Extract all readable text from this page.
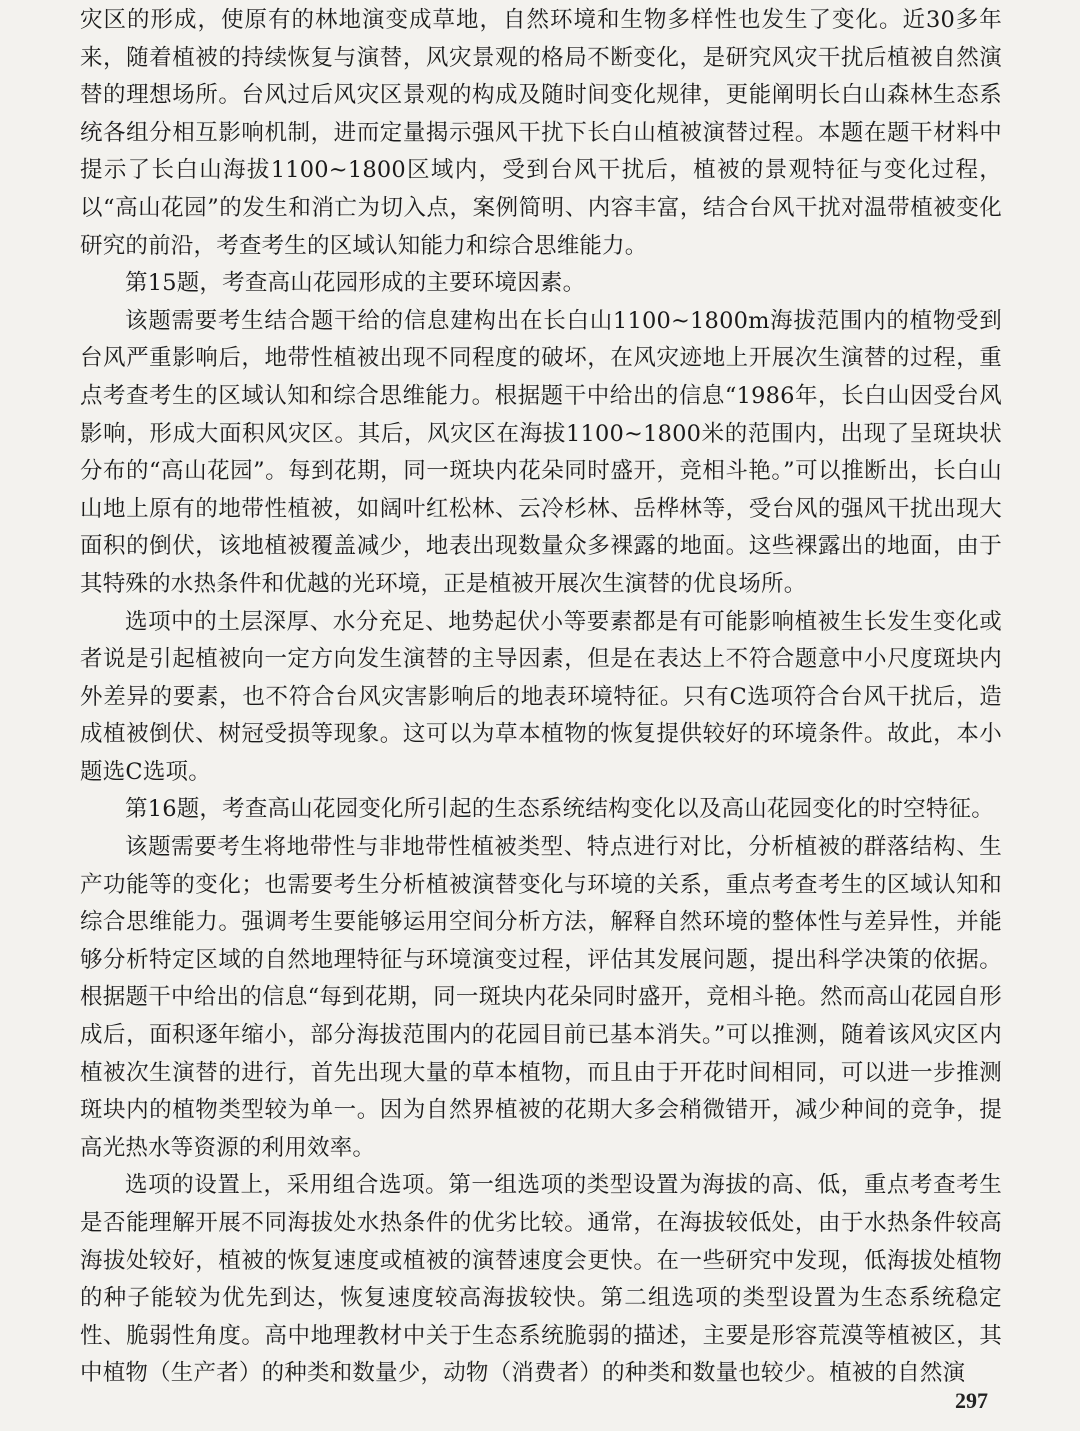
灾区的形成，使原有的林地演变成草地，自然环境和生物多样性也发生了变化。近30多年来，随着植被的持续恢复与演替，风灾景观的格局不断变化，是研究风灾干扰后植被自然演替的理想场所。台风过后风灾区景观的构成及随时间变化规律，更能阐明长白山森林生态系统各组分相互影响机制，进而定量揭示强风干扰下长白山植被演替过程。本题在题干材料中提示了长白山海拔1100~1800区域内，受到台风干扰后，植被的景观特征与变化过程，以“高山花园”的发生和消亡为切入点，案例简明、内容丰富，结合台风干扰对温带植被变化研究的前沿，考查考生的区域认知能力和综合思维能力。

第15题，考查高山花园形成的主要环境因素。

该题需要考生结合题干给的信息建构出在长白山1100~1800m海拔范围内的植物受到台风严重影响后，地带性植被出现不同程度的破坏，在风灾迹地上开展次生演替的过程，重点考查考生的区域认知和综合思维能力。根据题干中给出的信息“1986年，长白山因受台风影响，形成大面积风灾区。其后，风灾区在海拔1100~1800米的范围内，出现了呈斑块状分布的“高山花园”。每到花期，同一斑块内花朵同时盛开，竞相斗艳。”可以推断出，长白山山地上原有的地带性植被，如阔叶红松林、云冷杉林、岳桦林等，受台风的强风干扰出现大面积的倒伏，该地植被覆盖减少，地表出现数量众多裸露的地面。这些裸露出的地面，由于其特殊的水热条件和优越的光环境，正是植被开展次生演替的优良场所。

选项中的土层深厚、水分充足、地势起伏小等要素都是有可能影响植被生长发生变化或者说是引起植被向一定方向发生演替的主导因素，但是在表达上不符合题意中小尺度斑块内外差异的要素，也不符合台风灾害影响后的地表环境特征。只有C选项符合台风干扰后，造成植被倒伏、树冠受损等现象。这可以为草本植物的恢复提供较好的环境条件。故此，本小题选C选项。

第16题，考查高山花园变化所引起的生态系统结构变化以及高山花园变化的时空特征。

该题需要考生将地带性与非地带性植被类型、特点进行对比，分析植被的群落结构、生产功能等的变化；也需要考生分析植被演替变化与环境的关系，重点考查考生的区域认知和综合思维能力。强调考生要能够运用空间分析方法，解释自然环境的整体性与差异性，并能够分析特定区域的自然地理特征与环境演变过程，评估其发展问题，提出科学决策的依据。根据题干中给出的信息“每到花期，同一斑块内花朵同时盛开，竞相斗艳。然而高山花园自形成后，面积逐年缩小，部分海拔范围内的花园目前已基本消失。”可以推测，随着该风灾区内植被次生演替的进行，首先出现大量的草本植物，而且由于开花时间相同，可以进一步推测斑块内的植物类型较为单一。因为自然界植被的花期大多会稍微错开，减少种间的竞争，提高光热水等资源的利用效率。

选项的设置上，采用组合选项。第一组选项的类型设置为海拔的高、低，重点考查考生是否能理解开展不同海拔处水热条件的优劣比较。通常，在海拔较低处，由于水热条件较高海拔处较好，植被的恢复速度或植被的演替速度会更快。在一些研究中发现，低海拔处植物的种子能较为优先到达，恢复速度较高海拔较快。第二组选项的类型设置为生态系统稳定性、脆弱性角度。高中地理教材中关于生态系统脆弱的描述，主要是形容荒漠等植被区，其中植物（生产者）的种类和数量少，动物（消费者）的种类和数量也较少。植被的自然演

297
